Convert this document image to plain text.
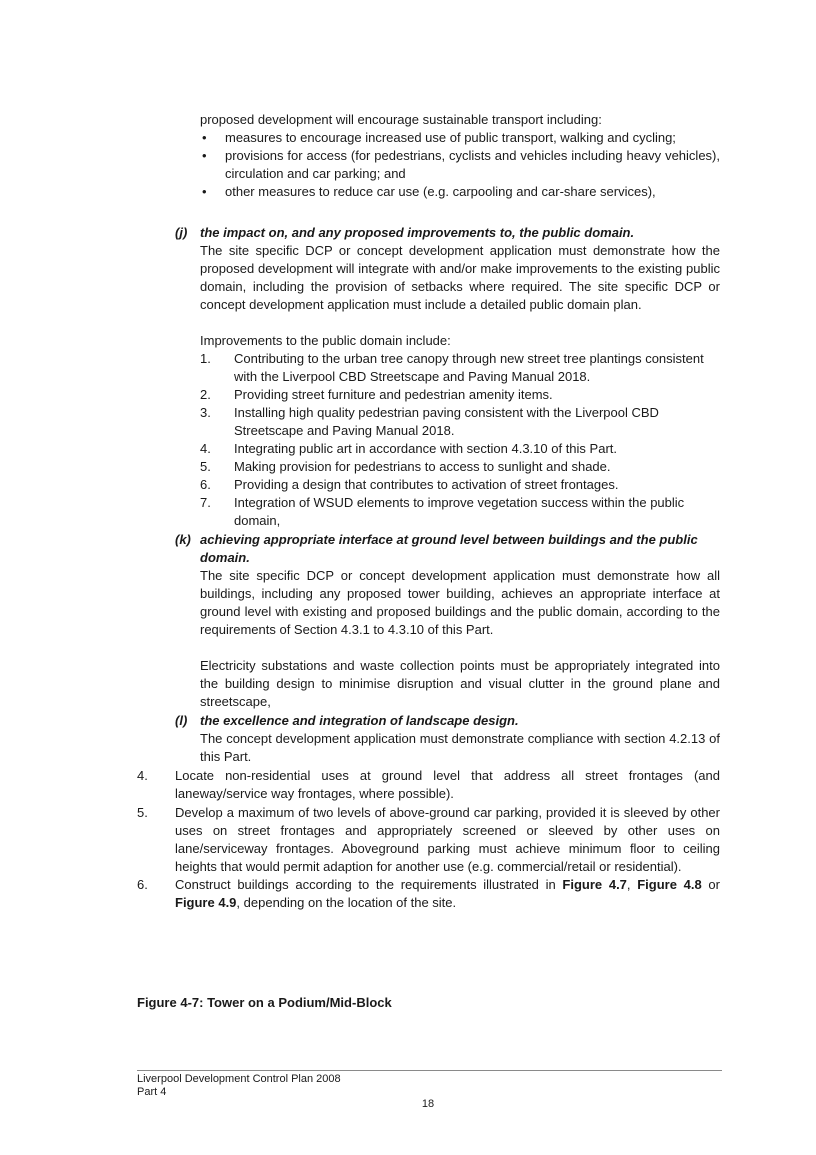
proposed development will encourage sustainable transport including:

• measures to encourage increased use of public transport, walking and cycling;
• provisions for access (for pedestrians, cyclists and vehicles including heavy vehicles), circulation and car parking; and
• other measures to reduce car use (e.g. carpooling and car-share services),
(j) the impact on, and any proposed improvements to, the public domain.

The site specific DCP or concept development application must demonstrate how the proposed development will integrate with and/or make improvements to the existing public domain, including the provision of setbacks where required. The site specific DCP or concept development application must include a detailed public domain plan.

Improvements to the public domain include:

1. Contributing to the urban tree canopy through new street tree plantings consistent with the Liverpool CBD Streetscape and Paving Manual 2018.
2. Providing street furniture and pedestrian amenity items.
3. Installing high quality pedestrian paving consistent with the Liverpool CBD Streetscape and Paving Manual 2018.
4. Integrating public art in accordance with section 4.3.10 of this Part.
5. Making provision for pedestrians to access to sunlight and shade.
6. Providing a design that contributes to activation of street frontages.
7. Integration of WSUD elements to improve vegetation success within the public domain,
(k) achieving appropriate interface at ground level between buildings and the public domain.

The site specific DCP or concept development application must demonstrate how all buildings, including any proposed tower building, achieves an appropriate interface at ground level with existing and proposed buildings and the public domain, according to the requirements of Section 4.3.1 to 4.3.10 of this Part.

Electricity substations and waste collection points must be appropriately integrated into the building design to minimise disruption and visual clutter in the ground plane and streetscape,

(l) the excellence and integration of landscape design.

The concept development application must demonstrate compliance with section 4.2.13 of this Part.

4.	Locate non-residential uses at ground level that address all street frontages (and laneway/service way frontages, where possible).

5.	Develop a maximum of two levels of above-ground car parking, provided it is sleeved by other uses on street frontages and appropriately screened or sleeved by other uses on lane/serviceway frontages. Aboveground parking must achieve minimum floor to ceiling heights that would permit adaption for another use (e.g. commercial/retail or residential).

6.	Construct buildings according to the requirements illustrated in Figure 4.7, Figure 4.8 or Figure 4.9, depending on the location of the site.

Figure 4-7: Tower on a Podium/Mid-Block

Liverpool Development Control Plan 2008

Part 4

18
